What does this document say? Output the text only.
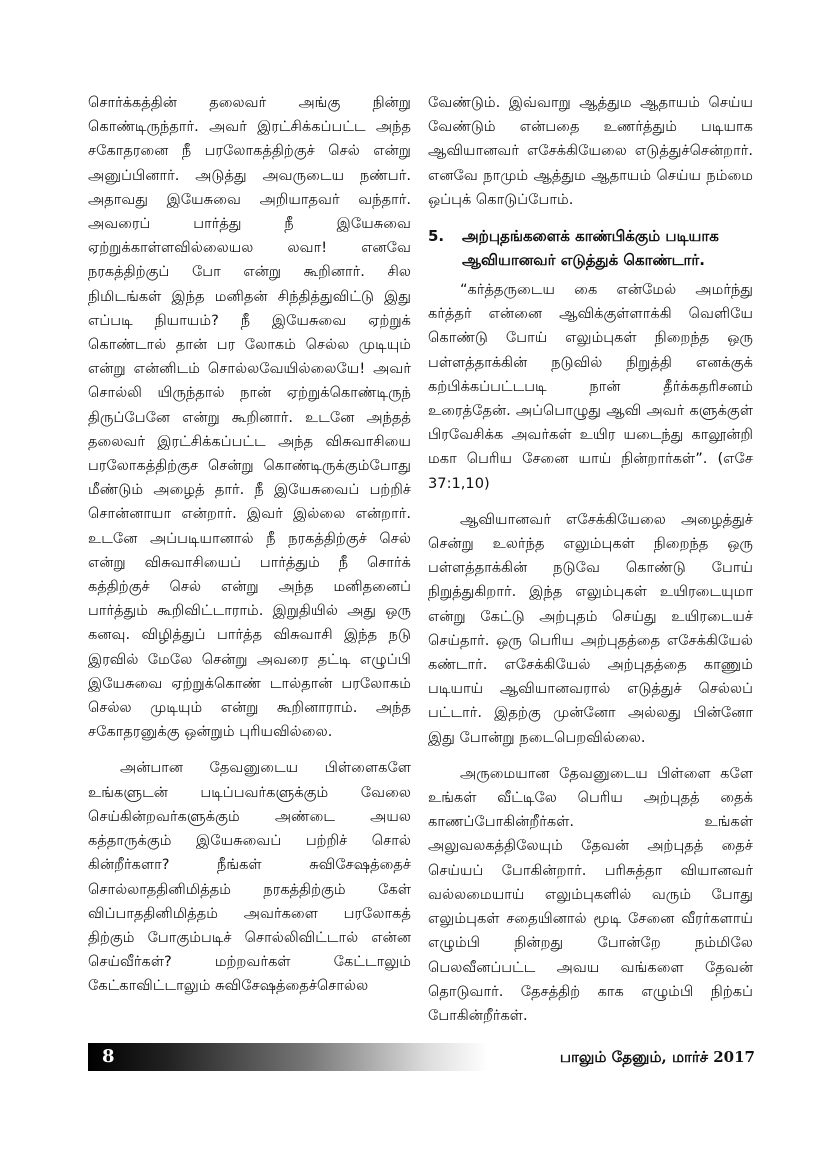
சொர்க்கத்தின் தலைவர் அங்கு நின்று கொண்டிருந்தார். அவர் இரட்சிக்கப்பட்ட அந்த சகோதரனை நீ பரலோகத்திற்குச் செல் என்று அனுப்பினார். அடுத்து அவருடைய நண்பர். அதாவது இயேசுவை அறியாதவர் வந்தார். அவரைப் பார்த்து நீ இயேசுவை ஏற்றுக்காள்ளவில்லையல லவா! எனவே நரகத்திற்குப் போ என்று கூறினார். சில நிமிடங்கள் இந்த மனிதன் சிந்தித்துவிட்டு இது எப்படி நியாயம்? நீ இயேசுவை ஏற்றுக் கொண்டால் தான் பர லோகம் செல்ல முடியும் என்று என்னிடம் சொல்லவேயில்லையே! அவர் சொல்லி யிருந்தால் நான் ஏற்றுக்கொண்டிருந் திருப்பேனே என்று கூறினார். உடனே அந்தத் தலைவர் இரட்சிக்கப்பட்ட அந்த விசுவாசியை பரலோகத்திற்குச சென்று கொண்டிருக்கும்போது மீண்டும் அழைத் தார். நீ இயேசுவைப் பற்றிச் சொன்னாயா என்றார். இவர் இல்லை என்றார். உடனே அப்படியானால் நீ நரகத்திற்குச் செல் என்று விசுவாசியைப் பார்த்தும் நீ சொர்க் கத்திற்குச் செல் என்று அந்த மனிதனைப் பார்த்தும் கூறிவிட்டாராம். இறுதியில் அது ஒரு கனவு. விழித்துப் பார்த்த விசுவாசி இந்த நடு இரவில் மேலே சென்று அவரை தட்டி எழுப்பி இயேசுவை ஏற்றுக்கொண் டால்தான் பரலோகம் செல்ல முடியும் என்று கூறினாராம். அந்த சகோதரனுக்கு ஒன்றும் புரியவில்லை.

அன்பான தேவனுடைய பிள்ளைகளே உங்களுடன் படிப்பவர்களுக்கும் வேலை செய்கின்றவர்களுக்கும் அண்டை அயல கத்தாருக்கும் இயேசுவைப் பற்றிச் சொல் கின்றீர்களா? நீங்கள் சுவிசேஷத்தைச் சொல்லாததினிமித்தம் நரகத்திற்கும் கேள் விப்பாததினிமித்தம் அவர்களை பரலோகத் திற்கும் போகும்படிச் சொல்லிவிட்டால் என்ன செய்வீர்கள்? மற்றவர்கள் கேட்டாலும் கேட்காவிட்டாலும் சுவிசேஷத்தைச்சொல்ல

வேண்டும். இவ்வாறு ஆத்தும ஆதாயம் செய்ய வேண்டும் என்பதை உணர்த்தும் படியாக ஆவியானவர் எசேக்கியேலை எடுத்துச்சென்றார். எனவே நாமும் ஆத்தும ஆதாயம் செய்ய நம்மை ஒப்புக் கொடுப்போம்.

5.	அற்புதங்களைக் காண்பிக்கும் படியாக ஆவியானவர் எடுத்துக் கொண்டார்.

“கர்த்தருடைய கை என்மேல் அமர்ந்து கர்த்தர் என்னை ஆவிக்குள்ளாக்கி வெளியே கொண்டு போய் எலும்புகள் நிறைந்த ஒரு பள்ளத்தாக்கின் நடுவில் நிறுத்தி எனக்குக் கற்பிக்கப்பட்டபடி நான் தீர்க்கதரிசனம் உரைத்தேன். அப்பொழுது ஆவி அவர் களுக்குள் பிரவேசிக்க அவர்கள் உயிர யடைந்து காலூன்றி மகா பெரிய சேனை யாய் நின்றார்கள்”. (எசே 37:1,10)

ஆவியானவர் எசேக்கியேலை அழைத்துச் சென்று உலர்ந்த எலும்புகள் நிறைந்த ஒரு பள்ளத்தாக்கின் நடுவே கொண்டு போய் நிறுத்துகிறார். இந்த எலும்புகள் உயிரடையுமா என்று கேட்டு அற்புதம் செய்து உயிரடையச் செய்தார். ஒரு பெரிய அற்புதத்தை எசேக்கியேல் கண்டார். எசேக்கியேல் அற்புதத்தை காணும் படியாய் ஆவியானவரால் எடுத்துச் செல்லப் பட்டார். இதற்கு முன்னோ அல்லது பின்னோ இது போன்று நடைபெறவில்லை.

அருமையான தேவனுடைய பிள்ளை களே உங்கள் வீட்டிலே பெரிய அற்புதத் தைக் காணப்போகின்றீர்கள். உங்கள் அலுவலகத்திலேயும் தேவன் அற்புதத் தைச் செய்யப் போகின்றார். பரிசுத்தா வியானவர் வல்லமையாய் எலும்புகளில் வரும் போது எலும்புகள் சதையினால் மூடி சேனை வீரர்களாய் எழும்பி நின்றது போன்றே நம்மிலே பெலவீனப்பட்ட அவய வங்களை தேவன் தொடுவார். தேசத்திற் காக எழும்பி நிற்கப் போகின்றீர்கள்.

8	பாலும் தேனும், மார்ச் 2017
